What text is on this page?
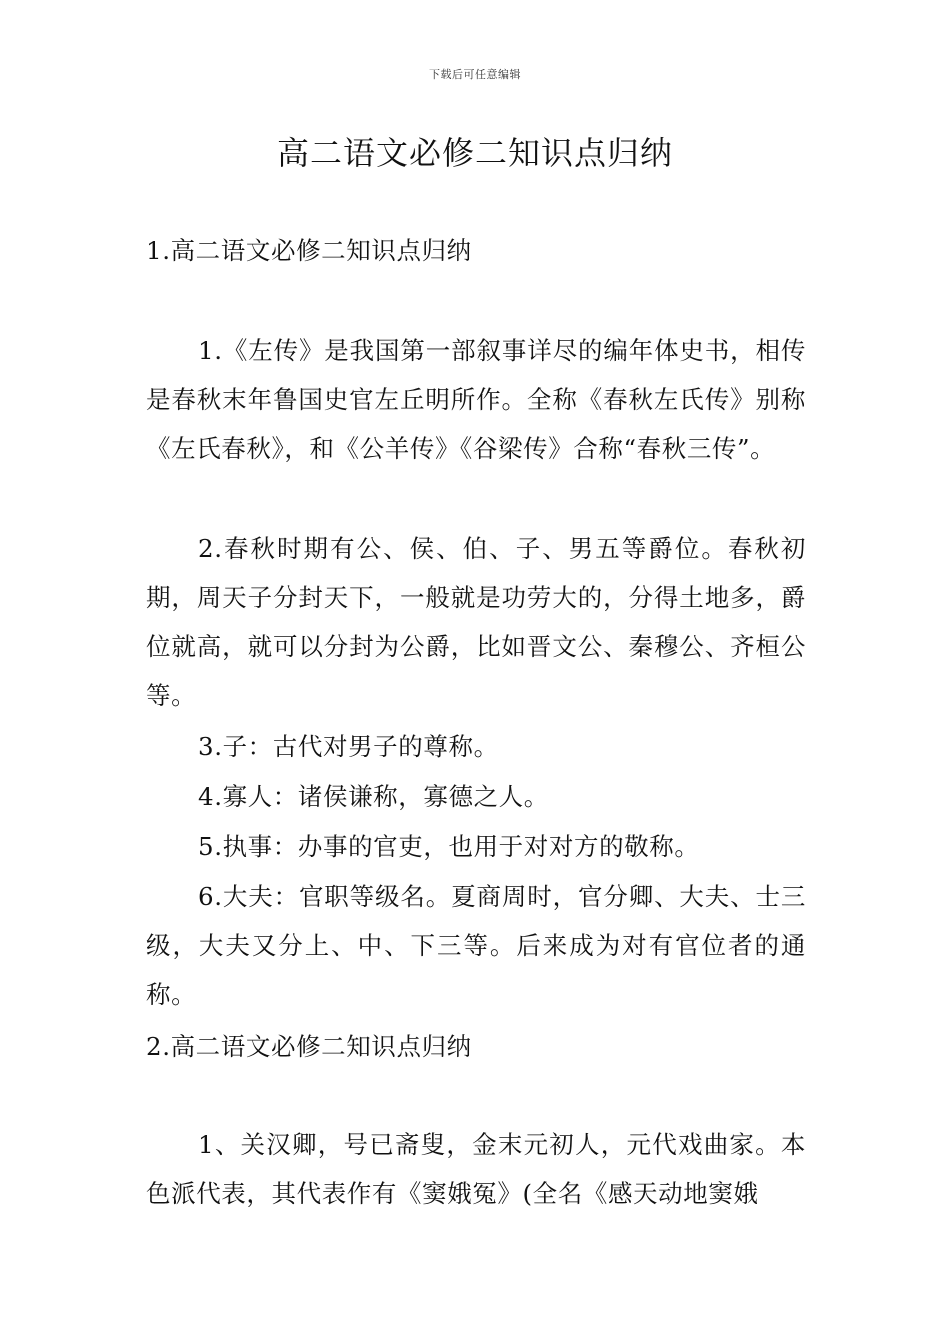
下载后可任意编辑
高二语文必修二知识点归纳
1.高二语文必修二知识点归纳
1.《左传》是我国第一部叙事详尽的编年体史书，相传是春秋末年鲁国史官左丘明所作。全称《春秋左氏传》别称《左氏春秋》，和《公羊传》《谷梁传》合称“春秋三传”。
2.春秋时期有公、侯、伯、子、男五等爵位。春秋初期，周天子分封天下，一般就是功劳大的，分得土地多，爵位就高，就可以分封为公爵，比如晋文公、秦穆公、齐桓公等。
3.子：古代对男子的尊称。
4.寡人：诸侯谦称，寡德之人。
5.执事：办事的官吏，也用于对对方的敬称。
6.大夫：官职等级名。夏商周时，官分卿、大夫、士三级，大夫又分上、中、下三等。后来成为对有官位者的通称。
2.高二语文必修二知识点归纳
1、关汉卿，号已斋叟，金末元初人，元代戏曲家。本色派代表，其代表作有《窦娥冤》(全名《感天动地窦娥
